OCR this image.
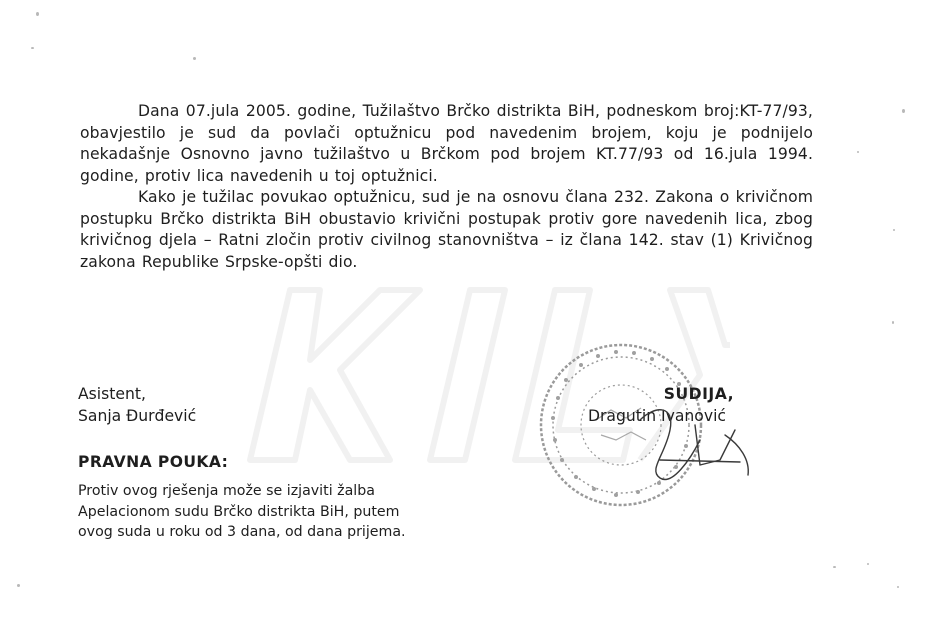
Dana 07.jula 2005. godine, Tužilaštvo Brčko distrikta BiH, podneskom broj:KT-77/93, obavjestilo je sud da povlači optužnicu pod navedenim brojem, koju je podnijelo nekadašnje Osnovno javno tužilaštvo u Brčkom pod brojem KT.77/93 od 16.jula 1994. godine, protiv lica navedenih u toj optužnici.

Kako je tužilac povukao optužnicu, sud je na osnovu člana 232. Zakona o krivičnom postupku Brčko distrikta BiH obustavio krivični postupak protiv gore navedenih lica, zbog krivičnog djela – Ratni zločin protiv civilnog stanovništva – iz člana 142. stav (1) Krivičnog zakona Republike Srpske-opšti dio.

Asistent,
Sanja Đurđević
SUDIJA,
Dragutin Ivanović
PRAVNA POUKA:
Protiv ovog rješenja može se izjaviti žalba
Apelacionom sudu Brčko distrikta BiH, putem
ovog suda u roku od 3 dana, od dana prijema.
